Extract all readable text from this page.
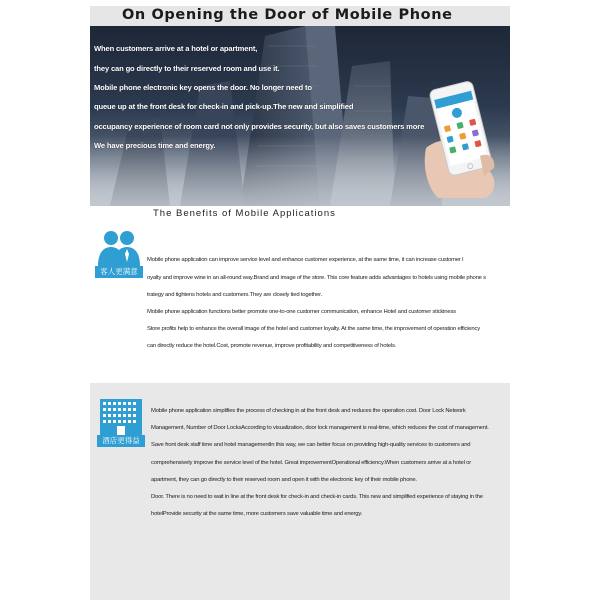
On Opening the Door of Mobile Phone
When customers arrive at a hotel or apartment,
they can go directly to their reserved room and use it.
Mobile phone electronic key opens the door. No longer need to
queue up at the front desk for check-in and pick-up.The new and simplified
occupancy experience of room card not only provides security, but also saves customers more
We have precious time and energy.
The Benefits of Mobile Applications
客人更满意
Mobile phone application can improve service level and enhance customer experience, at the same time, it can increase customer l
oyalty and improve wine in an all-round way.Brand and image of the store. This core feature adds advantages to hotels using mobile phone s
trategy and tightens hotels and customers.They are closely tied together.
Mobile phone application functions better promote one-to-one customer communication, enhance Hotel and customer stickiness
Store profits help to enhance the overall image of the hotel and customer loyalty. At the same time, the improvement of operation efficiency
can directly reduce the hotel.Cost, promote revenue, improve profitability and competitiveness of hotels.
酒店更得益
Mobile phone application simplifies the process of checking in at the front desk and reduces the operation cost. Door Lock Network
Management, Number of Door LocksAccording to visualization, door lock management is real-time, which reduces the cost of management.
Save front desk staff time and hotel managementIn this way, we can better focus on providing high-quality services to customers and
comprehensively improve the service level of the hotel. Great improvementOperational efficiency.When customers arrive at a hotel or
apartment, they can go directly to their reserved room and open it with the electronic key of their mobile phone.
Door. There is no need to wait in line at the front desk for check-in and check-in cards. This new and simplified experience of staying in the
hotelProvide security at the same time, more customers save valuable time and energy.
